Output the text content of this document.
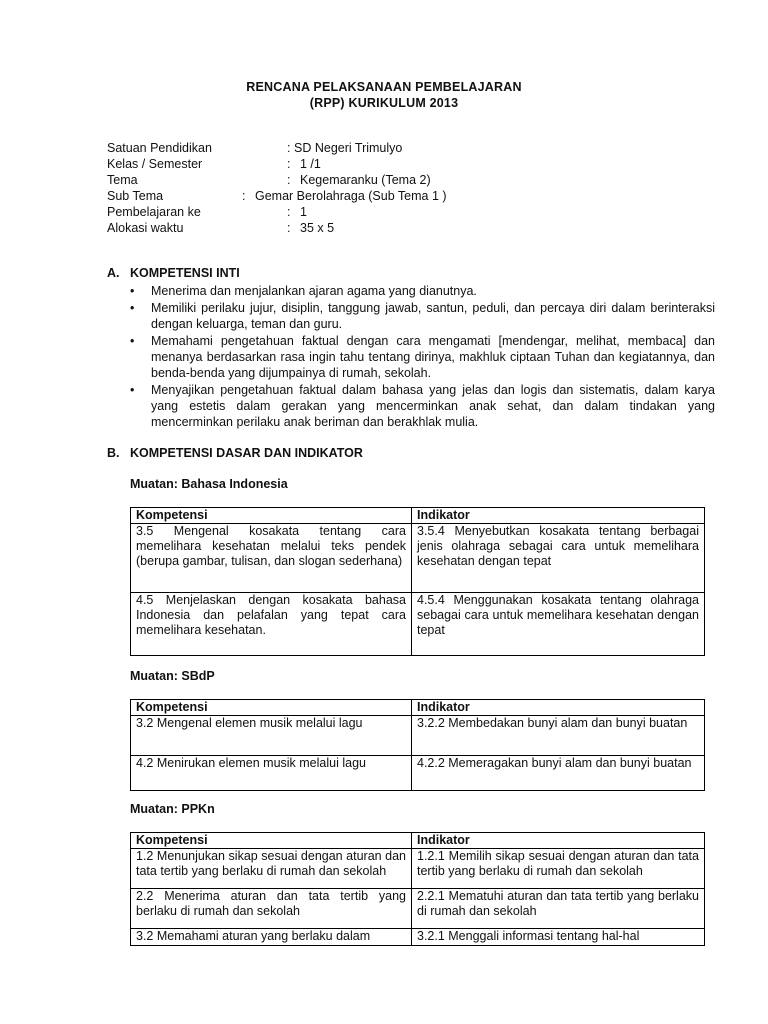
RENCANA PELAKSANAAN PEMBELAJARAN
(RPP) KURIKULUM 2013
Satuan Pendidikan	: SD Negeri Trimulyo
Kelas / Semester	: 1 /1
Tema	: Kegemaranku (Tema 2)
Sub Tema	: Gemar Berolahraga (Sub Tema 1 )
Pembelajaran ke	: 1
Alokasi waktu	: 35 x 5
A. KOMPETENSI INTI
• Menerima dan menjalankan ajaran agama yang dianutnya.
• Memiliki perilaku jujur, disiplin, tanggung jawab, santun, peduli, dan percaya diri dalam berinteraksi dengan keluarga, teman dan guru.
• Memahami pengetahuan faktual dengan cara mengamati [mendengar, melihat, membaca] dan menanya berdasarkan rasa ingin tahu tentang dirinya, makhluk ciptaan Tuhan dan kegiatannya, dan benda-benda yang dijumpainya di rumah, sekolah.
• Menyajikan pengetahuan faktual dalam bahasa yang jelas dan logis dan sistematis, dalam karya yang estetis dalam gerakan yang mencerminkan anak sehat, dan dalam tindakan yang mencerminkan perilaku anak beriman dan berakhlak mulia.
B. KOMPETENSI DASAR DAN INDIKATOR
Muatan: Bahasa Indonesia
Kompetensi	Indikator
3.5 Mengenal kosakata tentang cara memelihara kesehatan melalui teks pendek (berupa gambar, tulisan, dan slogan sederhana)	3.5.4 Menyebutkan kosakata tentang berbagai jenis olahraga sebagai cara untuk memelihara kesehatan dengan tepat
4.5 Menjelaskan dengan kosakata bahasa Indonesia dan pelafalan yang tepat cara memelihara kesehatan.	4.5.4 Menggunakan kosakata tentang olahraga sebagai cara untuk memelihara kesehatan dengan tepat
Muatan: SBdP
Kompetensi	Indikator
3.2 Mengenal elemen musik melalui lagu	3.2.2 Membedakan bunyi alam dan bunyi buatan
4.2 Menirukan elemen musik melalui lagu	4.2.2 Memeragakan bunyi alam dan bunyi buatan
Muatan: PPKn
Kompetensi	Indikator
1.2 Menunjukan sikap sesuai dengan aturan dan tata tertib yang berlaku di rumah dan sekolah	1.2.1 Memilih sikap sesuai dengan aturan dan tata tertib yang berlaku di rumah dan sekolah
2.2 Menerima aturan dan tata tertib yang berlaku di rumah dan sekolah	2.2.1 Mematuhi aturan dan tata tertib yang berlaku di rumah dan sekolah
3.2 Memahami aturan yang berlaku dalam	3.2.1 Menggali informasi tentang hal-hal
